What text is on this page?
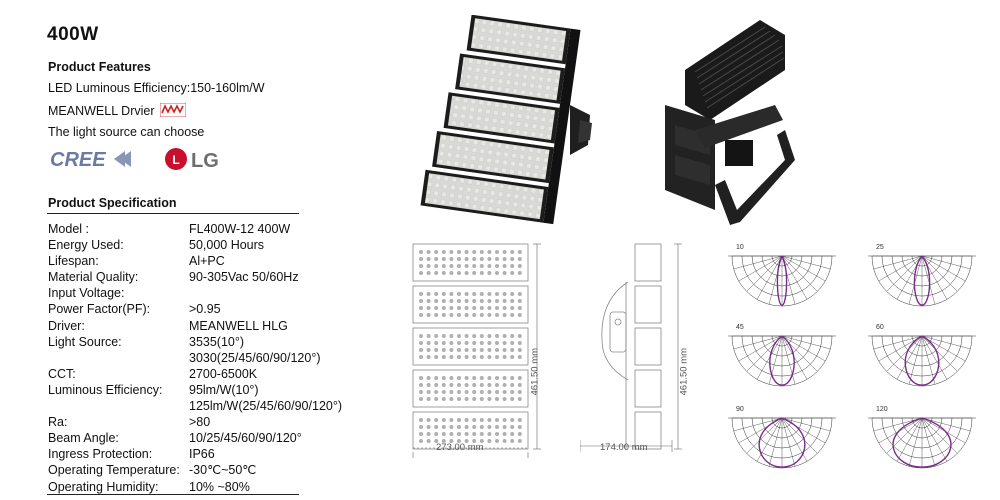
400W
Product Features
LED Luminous Efficiency:150-160lm/W
MEANWELL Drvier
The light source can choose
CREE	L LG
Product Specification
Model :	FL400W-12 400W
Energy Used:	50,000 Hours
Lifespan:	Al+PC
Material Quality:	90-305Vac 50/60Hz
Input Voltage:
Power Factor(PF):	>0.95
Driver:	MEANWELL HLG
Light Source:	3535(10°)
3030(25/45/60/90/120°)
CCT:	2700-6500K
Luminous Efficiency: 95lm/W(10°)
125lm/W(25/45/60/90/120°)
Ra:	>80
Beam Angle:	10/25/45/60/90/120°
Ingress Protection:	IP66
Operating Temperature: -30℃~50℃
Operating Humidity: 10% ~80%
273.00 mm
461.50 mm
174.00 mm
461.50 mm
10	25
45	60
90	120
